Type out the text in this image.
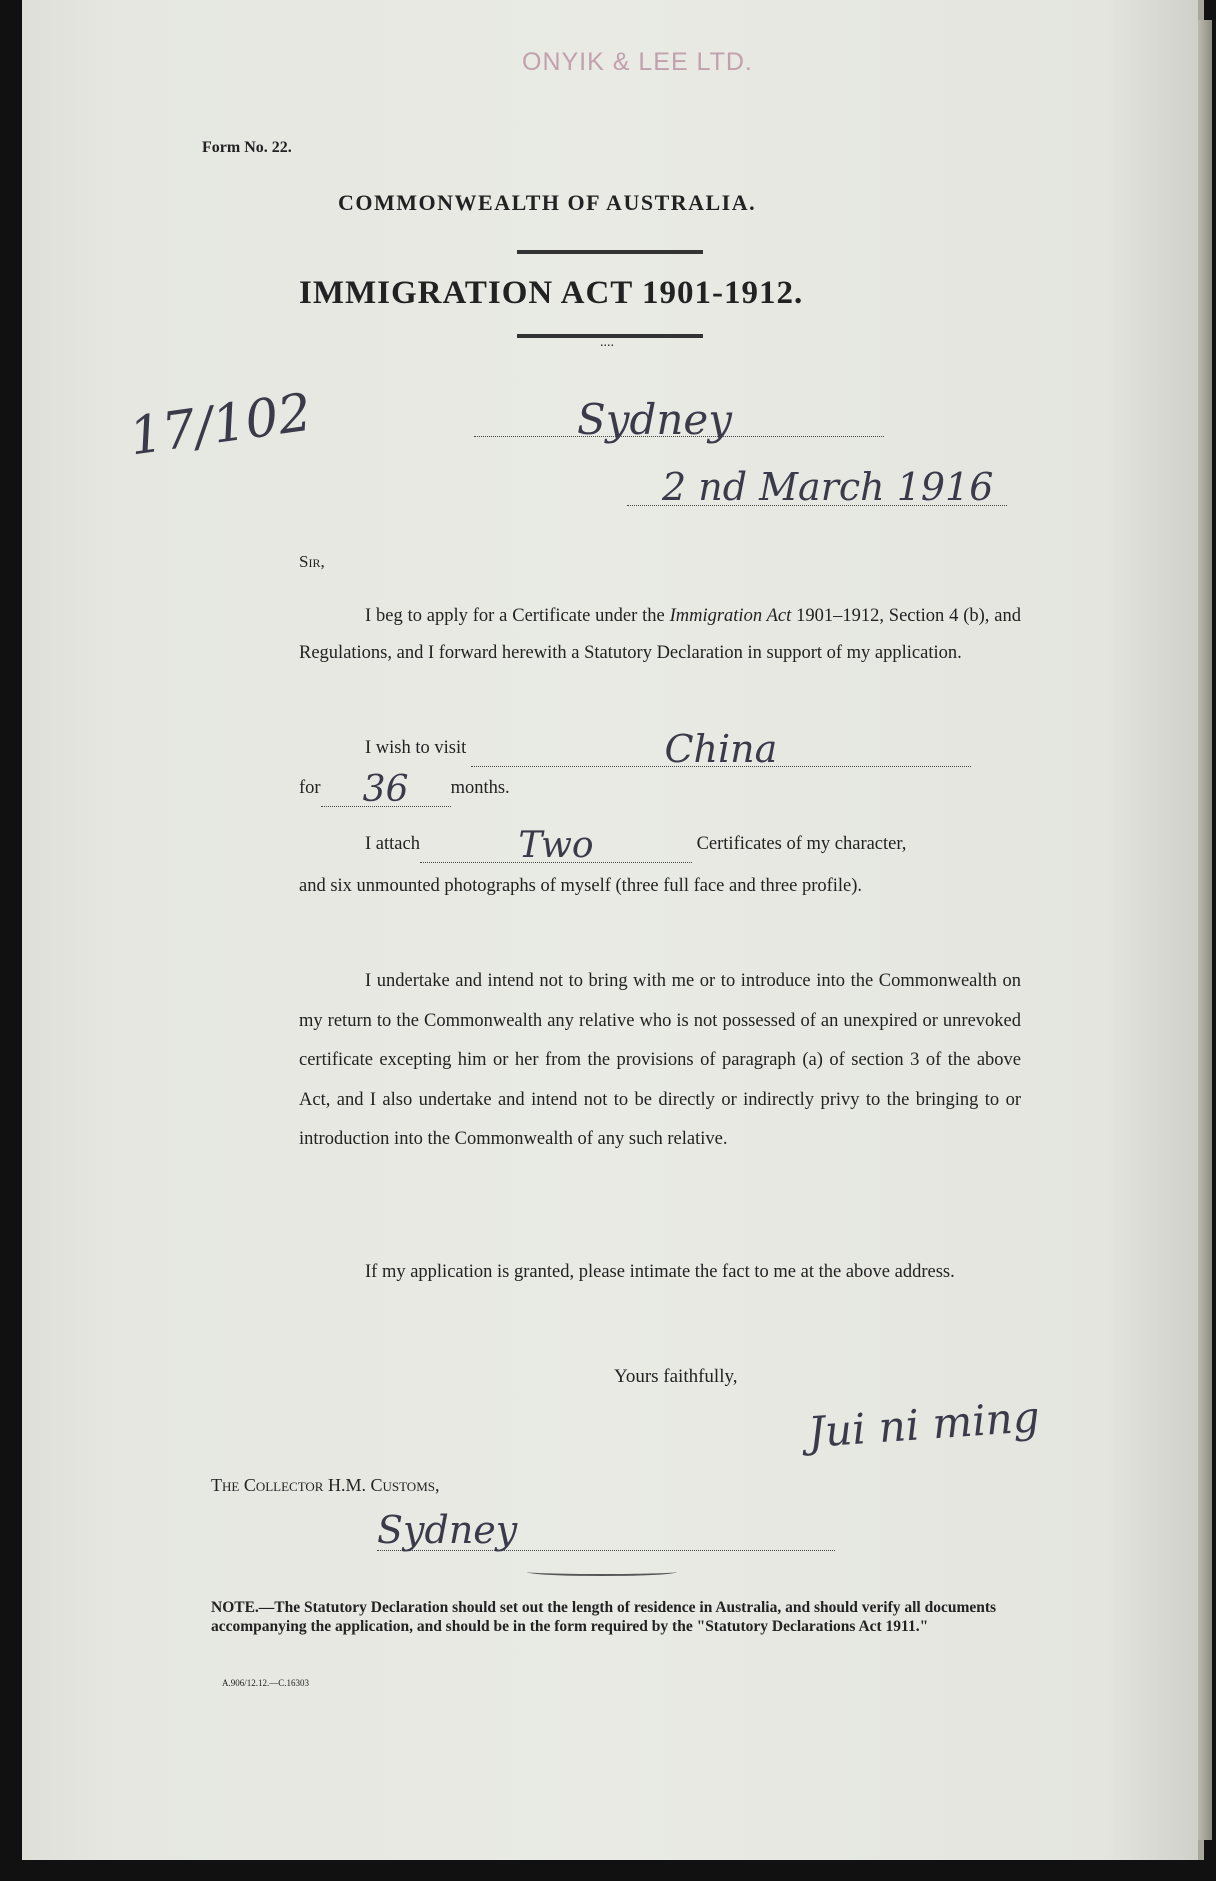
ONYIK & LEE LTD.
Form No. 22.
COMMONWEALTH OF AUSTRALIA.
IMMIGRATION ACT 1901-1912.
....
17/102	Sydney
2 nd March 1916
Sir,
I beg to apply for a Certificate under the Immigration Act 1901–1912, Section 4 (b), and Regulations, and I forward herewith a Statutory Declaration in support of my application.
I wish to visit	China
for	36	months.
I attach	Two	Certificates of my character,
and six unmounted photographs of myself (three full face and three profile).
I undertake and intend not to bring with me or to introduce into the Commonwealth on my return to the Commonwealth any relative who is not possessed of an unexpired or unrevoked certificate excepting him or her from the provisions of paragraph (a) of section 3 of the above Act, and I also undertake and intend not to be directly or indirectly privy to the bringing to or introduction into the Commonwealth of any such relative.
If my application is granted, please intimate the fact to me at the above address.
Yours faithfully,
Jui ni ming
The Collector H.M. Customs,
Sydney
NOTE.—The Statutory Declaration should set out the length of residence in Australia, and should verify all documents accompanying the application, and should be in the form required by the "Statutory Declarations Act 1911."
A.906/12.12.—C.16303
